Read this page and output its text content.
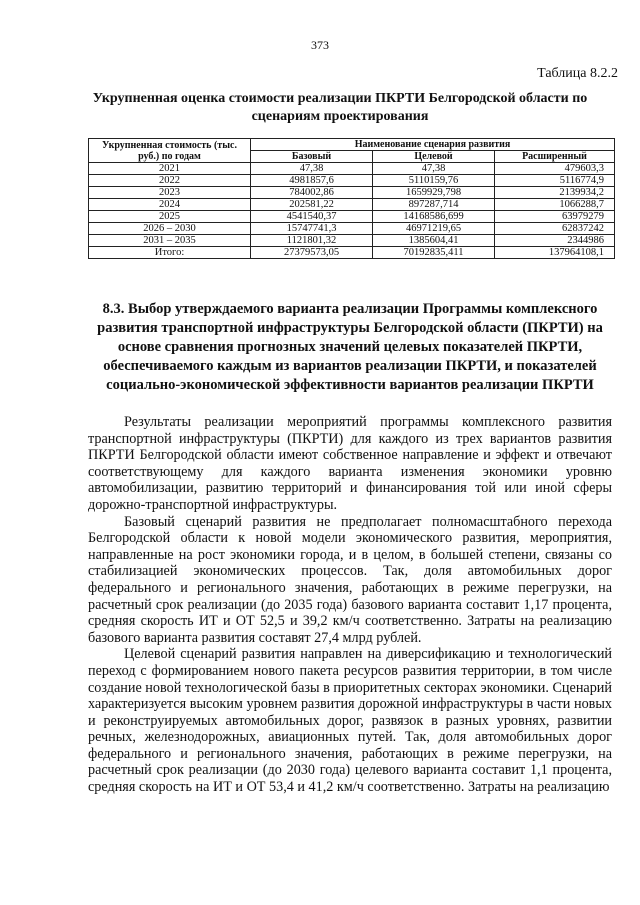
373
Таблица 8.2.2
Укрупненная оценка стоимости реализации ПКРТИ Белгородской области по сценариям проектирования
Укрупненная стоимость (тыс. руб.) по годам	Наименование сценария развития		
	Базовый	Целевой	Расширенный
2021	47,38	47,38	479603,3
2022	4981857,6	5110159,76	5116774,9
2023	784002,86	1659929,798	2139934,2
2024	202581,22	897287,714	1066288,7
2025	4541540,37	14168586,699	63979279
2026 – 2030	15747741,3	46971219,65	62837242
2031 – 2035	1121801,32	1385604,41	2344986
Итого:	27379573,05	70192835,411	137964108,1
8.3. Выбор утверждаемого варианта реализации Программы комплексного развития транспортной инфраструктуры Белгородской области (ПКРТИ) на основе сравнения прогнозных значений целевых показателей ПКРТИ, обеспечиваемого каждым из вариантов реализации ПКРТИ, и показателей социально-экономической эффективности вариантов реализации ПКРТИ

Результаты реализации мероприятий программы комплексного развития транспортной инфраструктуры (ПКРТИ) для каждого из трех вариантов развития ПКРТИ Белгородской области имеют собственное направление и эффект и отвечают соответствующему для каждого варианта изменения экономики уровню автомобилизации, развитию территорий и финансирования той или иной сферы дорожно-транспортной инфраструктуры.

Базовый сценарий развития не предполагает полномасштабного перехода Белгородской области к новой модели экономического развития, мероприятия, направленные на рост экономики города, и в целом, в большей степени, связаны со стабилизацией экономических процессов. Так, доля автомобильных дорог федерального и регионального значения, работающих в режиме перегрузки, на расчетный срок реализации (до 2035 года) базового варианта составит 1,17 процента, средняя скорость ИТ и ОТ 52,5 и 39,2 км/ч соответственно. Затраты на реализацию базового варианта развития составят 27,4 млрд рублей.

Целевой сценарий развития направлен на диверсификацию и технологический переход с формированием нового пакета ресурсов развития территории, в том числе создание новой технологической базы в приоритетных секторах экономики. Сценарий характеризуется высоким уровнем развития дорожной инфраструктуры в части новых и реконструируемых автомобильных дорог, развязок в разных уровнях, развитии речных, железнодорожных, авиационных путей. Так, доля автомобильных дорог федерального и регионального значения, работающих в режиме перегрузки, на расчетный срок реализации (до 2030 года) целевого варианта составит 1,1 процента, средняя скорость на ИТ и ОТ 53,4 и 41,2 км/ч соответственно. Затраты на реализацию
